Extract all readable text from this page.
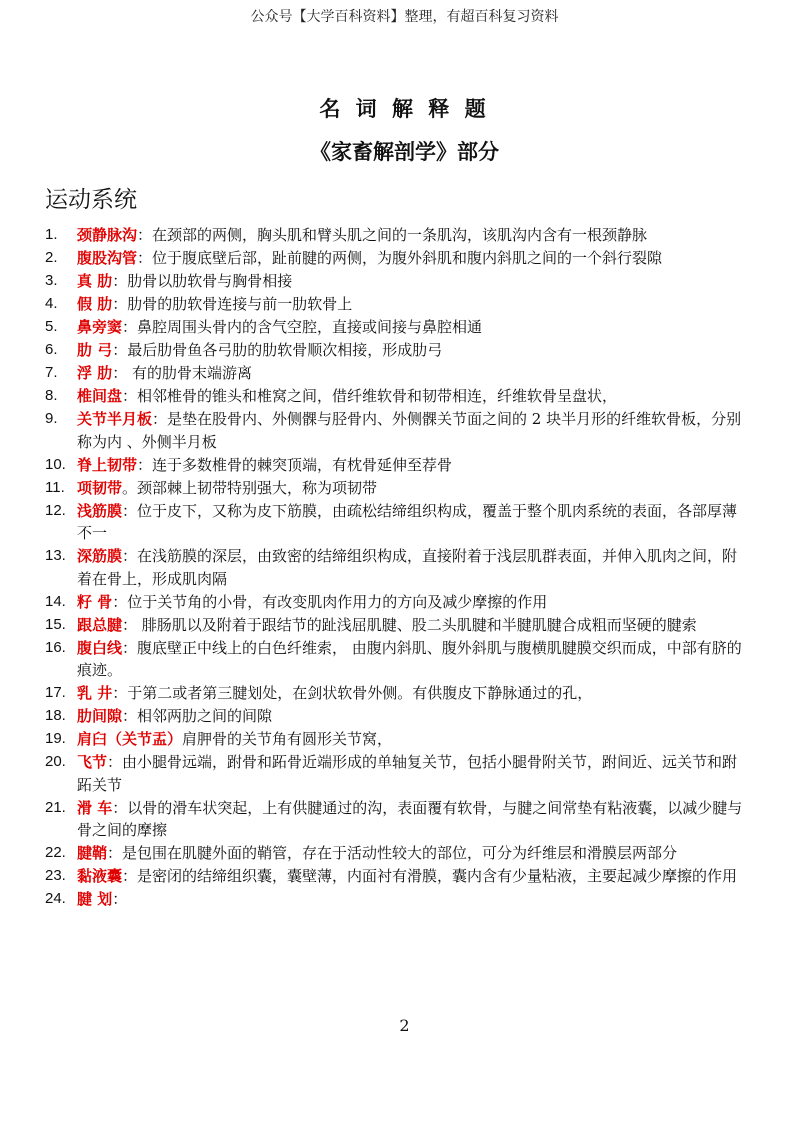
公众号【大学百科资料】整理，有超百科复习资料
名 词 解 释 题
《家畜解剖学》部分
运动系统
1. 颈静脉沟：在颈部的两侧，胸头肌和臂头肌之间的一条肌沟，该肌沟内含有一根颈静脉
2. 腹股沟管：位于腹底壁后部，趾前腱的两侧，为腹外斜肌和腹内斜肌之间的一个斜行裂隙
3. 真 肋：肋骨以肋软骨与胸骨相接
4. 假 肋：肋骨的肋软骨连接与前一肋软骨上
5. 鼻旁窦：鼻腔周围头骨内的含气空腔，直接或间接与鼻腔相通
6. 肋 弓：最后肋骨鱼各弓肋的肋软骨顺次相接，形成肋弓
7. 浮 肋： 有的肋骨末端游离
8. 椎间盘：相邻椎骨的锥头和椎窝之间，借纤维软骨和韧带相连，纤维软骨呈盘状，
9. 关节半月板：是垫在股骨内、外侧髁与胫骨内、外侧髁关节面之间的 2 块半月形的纤维软骨板，分别称为内 、外侧半月板
10. 脊上韧带：连于多数椎骨的棘突顶端，有枕骨延伸至荐骨
11. 项韧带。颈部棘上韧带特别强大，称为项韧带
12. 浅筋膜：位于皮下，又称为皮下筋膜，由疏松结缔组织构成，覆盖于整个肌肉系统的表面，各部厚薄不一
13. 深筋膜：在浅筋膜的深层，由致密的结缔组织构成，直接附着于浅层肌群表面，并伸入肌肉之间，附着在骨上，形成肌肉隔
14. 籽 骨：位于关节角的小骨，有改变肌肉作用力的方向及减少摩擦的作用
15. 跟总腱： 腓肠肌以及附着于跟结节的趾浅屈肌腱、股二头肌腱和半腱肌腱合成粗而坚硬的腱索
16. 腹白线：腹底壁正中线上的白色纤维索， 由腹内斜肌、腹外斜肌与腹横肌腱膜交织而成，中部有脐的痕迹。
17. 乳 井：于第二或者第三腱划处，在剑状软骨外侧。有供腹皮下静脉通过的孔，
18. 肋间隙：相邻两肋之间的间隙
19. 肩臼（关节盂）肩胛骨的关节角有圆形关节窝，
20. 飞节：由小腿骨远端，跗骨和跖骨近端形成的单轴复关节，包括小腿骨附关节，跗间近、远关节和跗跖关节
21. 滑 车：以骨的滑车状突起，上有供腱通过的沟，表面覆有软骨，与腱之间常垫有粘液囊，以减少腱与骨之间的摩擦
22. 腱鞘：是包围在肌腱外面的鞘管，存在于活动性较大的部位，可分为纤维层和滑膜层两部分
23. 黏液囊：是密闭的结缔组织囊，囊壁薄，内面衬有滑膜，囊内含有少量粘液，主要起减少摩擦的作用
24. 腱 划：
2
